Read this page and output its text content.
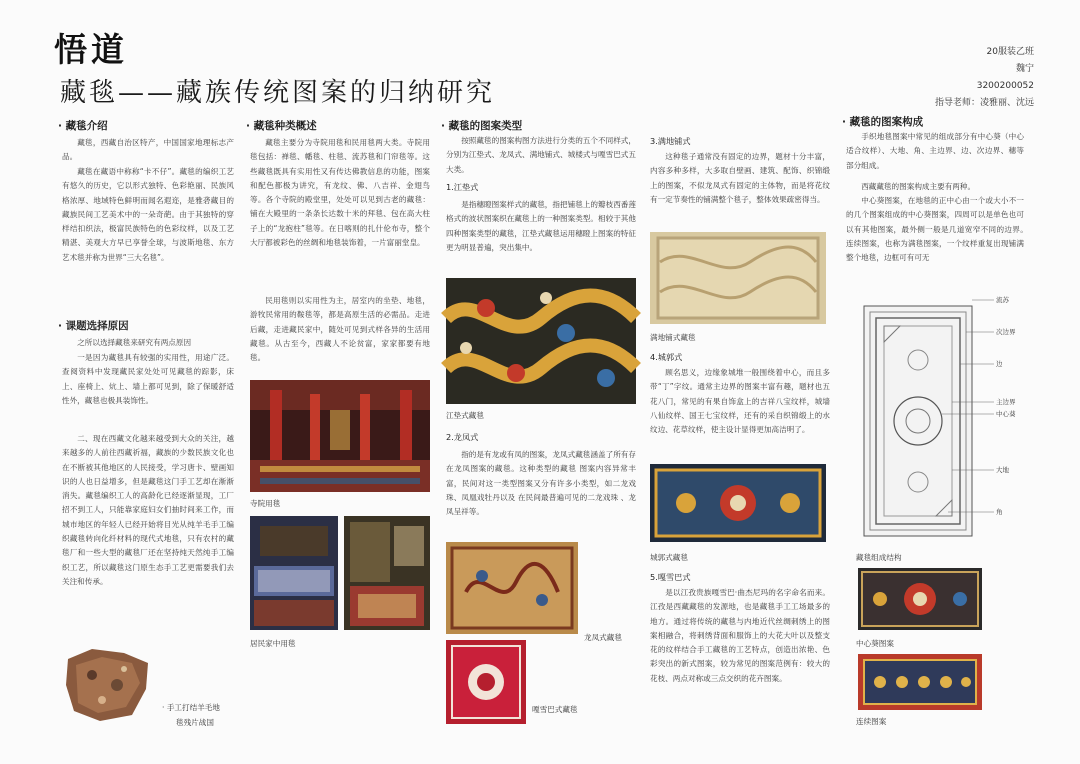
悟道
藏毯——藏族传统图案的归纳研究
20服装乙班
魏宁
3200200052
指导老师：凌雅丽、沈远
· 藏毯介绍
藏毯，西藏自治区特产，中国国家地理标志产品。
藏毯在藏语中称称“卡不仔”。藏毯的编织工艺有悠久的历史，它以形式独特、色彩艳丽、民族风格浓厚、地域特色鲜明而闻名遐迩，是雅砻藏目的藏族民间工艺美术中的一朵奇葩。由于其独特的穿样结扣织法，极富民族特色的色彩纹样，以及工艺精湛、美观大方早已享誉全球，与波斯地毯、东方艺术毯并称为世界“三大名毯”。
· 课题选择原因
之所以选择藏毯来研究有两点原因
一是因为藏毯具有较强的实用性，用途广泛。查阅资料中发现藏民家处处可见藏毯的踪影，床上、座椅上、炕上、墙上都可见到，除了保暖舒适性外，藏毯也极具装饰性。
二、现在西藏文化越来越受到大众的关注，越来越多的人前往西藏祈福，藏族的少数民族文化也在不断被其他地区的人民接受，学习唐卡、壁画知识的人也日益增多，但是藏毯这门手工艺却在渐渐消失。藏毯编织工人的高龄化已经逐渐显现，工厂招不到工人，只能靠家庭妇女们抽时间来工作，而城市地区的年轻人已经开始将目光从纯羊毛手工编织藏毯转向化纤材料的现代式地毯，只有农村的藏毯厂和一些大型的藏毯厂还在坚持纯天然纯手工编织工艺，所以藏毯这门原生态手工艺更需要我们去关注和传承。
· 手工打结羊毛地
毯残片战国
· 藏毯种类概述
藏毯主要分为寺院用毯和民用毯两大类。寺院用毯包括：禅毯、幡毯、柱毯、流苏毯和门帘毯等。这些藏毯既具有实用性又有传达佛教信息的功能，图案和配色都极为讲究，有龙纹、佛、八吉祥、金翅鸟等。各个寺院的殿堂里，处处可以见到古老的藏毯：铺在大殿里的一条条长达数十米的拜毯、包在高大柱子上的“龙抱柱”毯等。在日喀则的扎什伦布寺，整个大厅都被彩色的丝绸和地毯装饰着，一片富丽堂皇。
民用毯则以实用性为主，居室内的坐垫、地毯，游牧民常用的鞍毯等，都是高原生活的必需品。走进后藏，走进藏民家中，随处可见到式样各异的生活用藏毯。从古至今，西藏人不论贫富，家家都要有地毯。
寺院用毯
居民家中用毯
· 藏毯的图案类型
按照藏毯的图案构图方法进行分类的五个不同样式，分别为江垫式、龙凤式、满地铺式、城楼式与嘎雪巴式五大类。
1.江垫式
是指穗瞪图案样式的藏毯，指把铺毯上的瓣枝西番莲格式的波状图案织在藏毯上的一种图案类型。相较于其他四种图案类型的藏毯，江垫式藏毯运用穗瞪上图案的特征更为明显普遍，突出集中。
江垫式藏毯
2.龙凤式
指的是有龙或有凤的图案，龙凤式藏毯涵盖了所有存在龙凤图案的藏毯。这种类型的藏毯 图案内容异常丰富，民间对这一类型图案又分有许多小类型，如二龙戏珠、凤凰戏牡丹以及 在民间最普遍可见的二龙戏珠 、龙凤呈祥等。
龙凤式藏毯
嘎雪巴式藏毯
3.满地铺式
这种毯子通常没有固定的边界，题材十分丰富，内容多种多样，大多取自壁画、建筑、配饰、织锦缎上的图案，不似龙凤式有固定的主体物，而是将花纹有一定节奏性的铺满整个毯子，整体效果疏密得当。
满地铺式藏毯
4.城郭式
顾名思义，边缘象城堆一般围绕着中心，而且多带“丁”字纹。通常主边界的图案丰富有趣，题材也五花八门，常见的有果自饰盒上的吉祥八宝纹样，城墙八仙纹样、国王七宝纹样，还有的采自织锦缎上的水纹边、花草纹样，使主设计显得更加高洁明了。
城郭式藏毯
5.嘎雪巴式
是以江孜贵族嘎雪巴·曲杰尼玛的名字命名而来。江孜是西藏藏毯的发源地，也是藏毯手工工场最多的地方。通过将传统的藏毯与内地近代丝绸刺绣上的图案相融合，将刺绣背面和服饰上的大花大叶以及整支花的纹样结合手工藏毯的工艺特点，创造出浓艳、色彩突出的新式图案，较为常见的图案范例有：较大的花枝、两点对称或三点交织的花卉图案。
· 藏毯的图案构成
手织地毯图案中常见的组成部分有中心葵（中心适合纹样）、大地、角、主边界、边、次边界、穗等部分组成。
西藏藏毯的图案构成主要有两种。
中心葵图案，在地毯的正中心由一个或大小不一的几个图案组成的中心葵图案，四周可以是单色也可以有其他图案，最外侧一般是几道宽窄不同的边界。　　连续图案，也称为满毯图案，一个纹样重复出现铺满整个地毯，边框可有可无
流苏
次边界
边
主边界
中心葵
大地
角
藏毯组成结构
中心葵图案
连续图案
